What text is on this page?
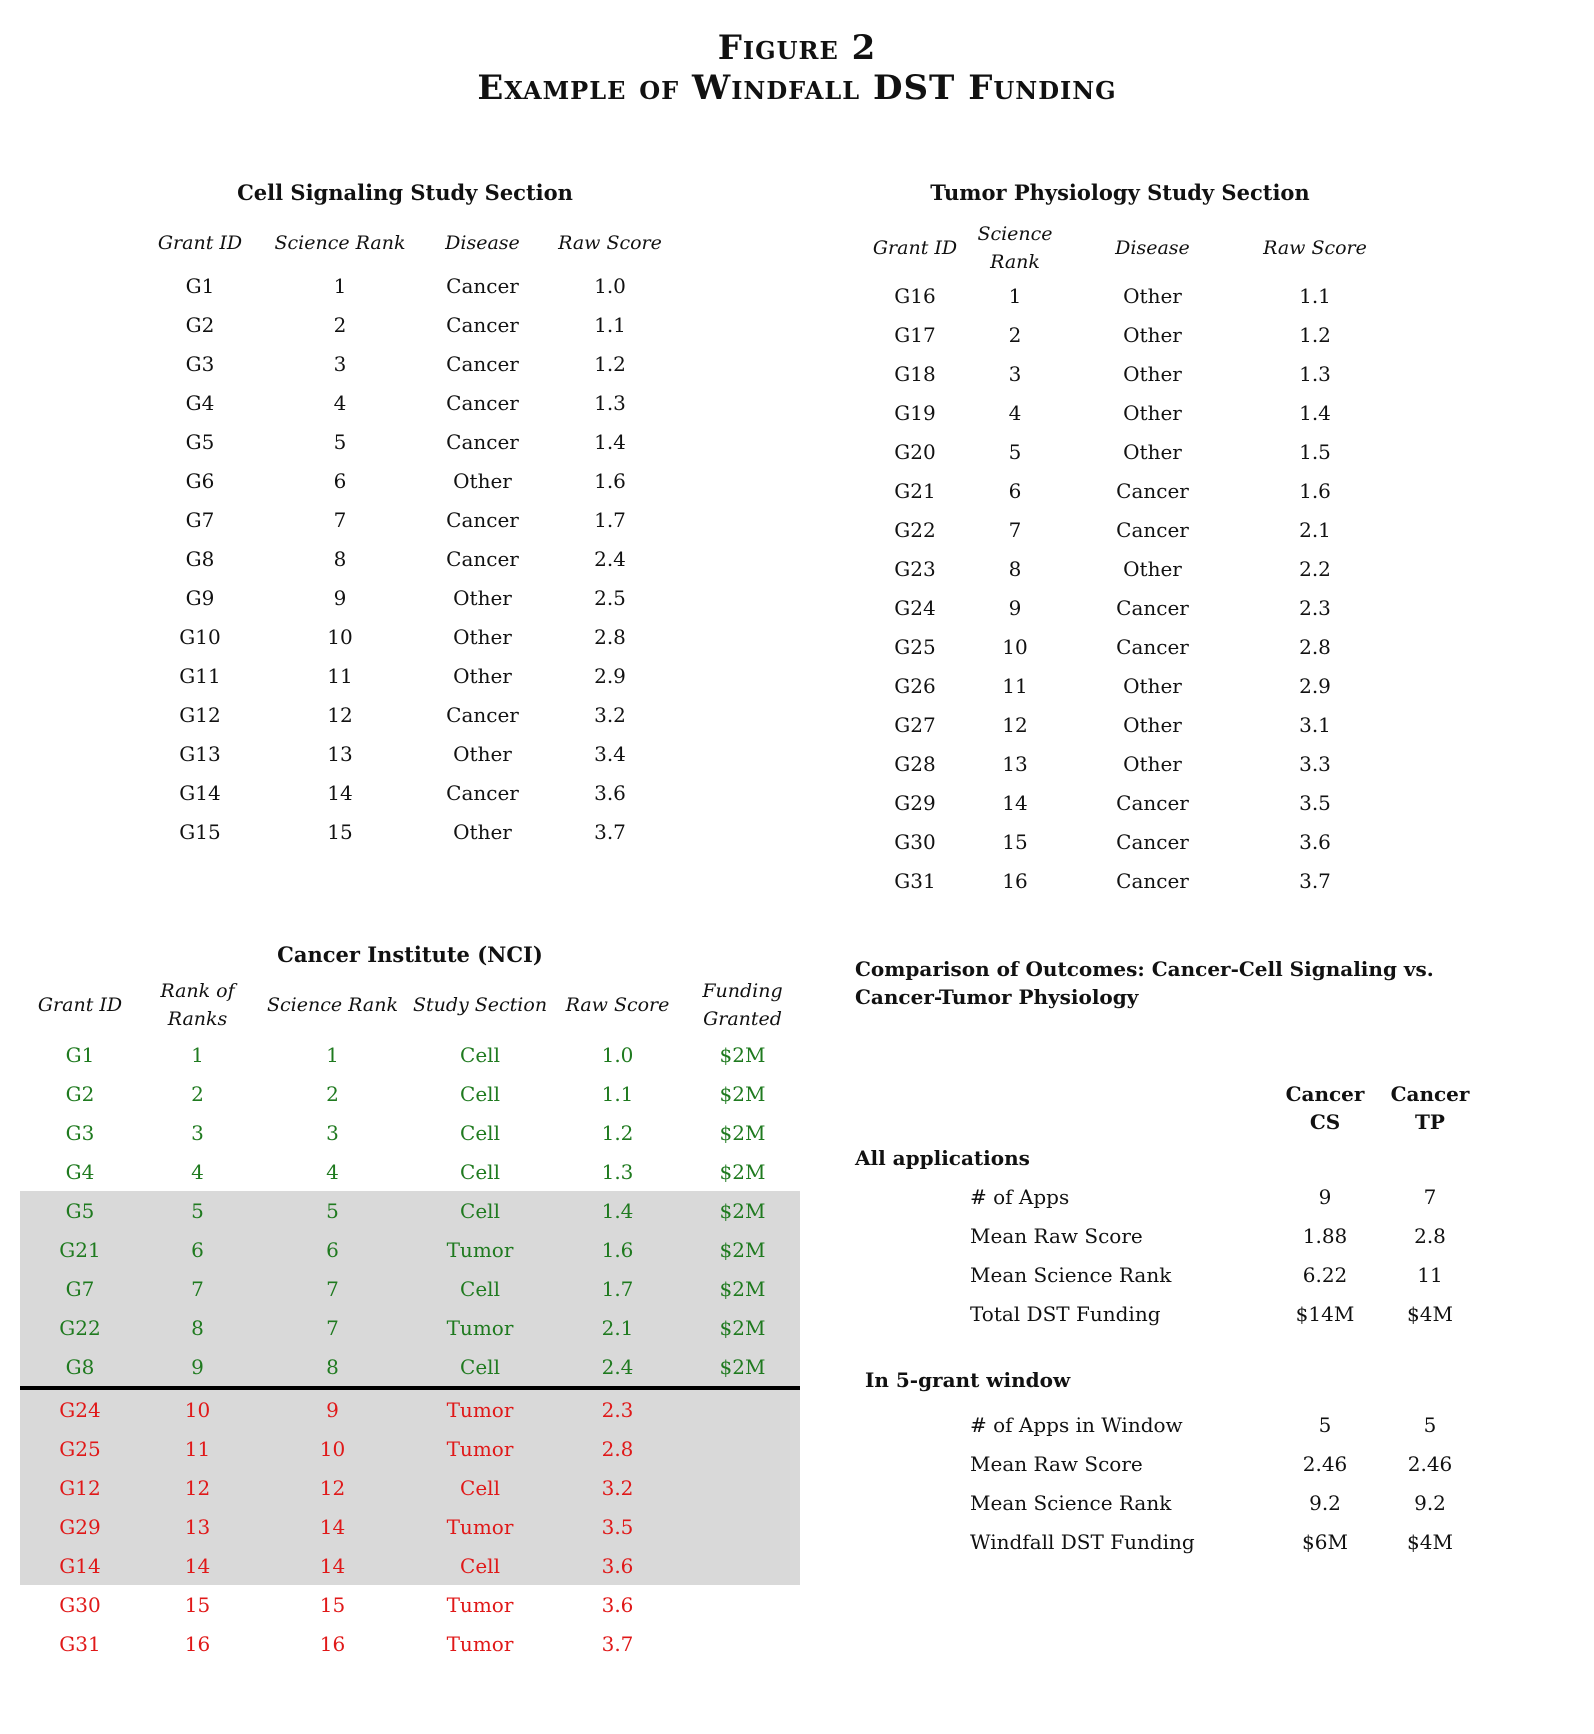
Figure 2
Example of Windfall DST Funding
Cell Signaling Study Section
Grant ID	Science Rank	Disease	Raw Score
G1	1	Cancer	1.0
G2	2	Cancer	1.1
G3	3	Cancer	1.2
G4	4	Cancer	1.3
G5	5	Cancer	1.4
G6	6	Other	1.6
G7	7	Cancer	1.7
G8	8	Cancer	2.4
G9	9	Other	2.5
G10	10	Other	2.8
G11	11	Other	2.9
G12	12	Cancer	3.2
G13	13	Other	3.4
G14	14	Cancer	3.6
G15	15	Other	3.7
Tumor Physiology Study Section
Grant ID	Science Rank	Disease	Raw Score
G16	1	Other	1.1
G17	2	Other	1.2
G18	3	Other	1.3
G19	4	Other	1.4
G20	5	Other	1.5
G21	6	Cancer	1.6
G22	7	Cancer	2.1
G23	8	Other	2.2
G24	9	Cancer	2.3
G25	10	Cancer	2.8
G26	11	Other	2.9
G27	12	Other	3.1
G28	13	Other	3.3
G29	14	Cancer	3.5
G30	15	Cancer	3.6
G31	16	Cancer	3.7
Cancer Institute (NCI)
Grant ID	Rank of Ranks	Science Rank	Study Section	Raw Score	Funding Granted
G1	1	1	Cell	1.0	$2M
G2	2	2	Cell	1.1	$2M
G3	3	3	Cell	1.2	$2M
G4	4	4	Cell	1.3	$2M
G5	5	5	Cell	1.4	$2M
G21	6	6	Tumor	1.6	$2M
G7	7	7	Cell	1.7	$2M
G22	8	7	Tumor	2.1	$2M
G8	9	8	Cell	2.4	$2M
G24	10	9	Tumor	2.3	
G25	11	10	Tumor	2.8	
G12	12	12	Cell	3.2	
G29	13	14	Tumor	3.5	
G14	14	14	Cell	3.6	
G30	15	15	Tumor	3.6	
G31	16	16	Tumor	3.7	
Comparison of Outcomes: Cancer-Cell Signaling vs. Cancer-Tumor Physiology
	Cancer CS	Cancer TP
All applications		
# of Apps	9	7
Mean Raw Score	1.88	2.8
Mean Science Rank	6.22	11
Total DST Funding	$14M	$4M
In 5-grant window		
# of Apps in Window	5	5
Mean Raw Score	2.46	2.46
Mean Science Rank	9.2	9.2
Windfall DST Funding	$6M	$4M
